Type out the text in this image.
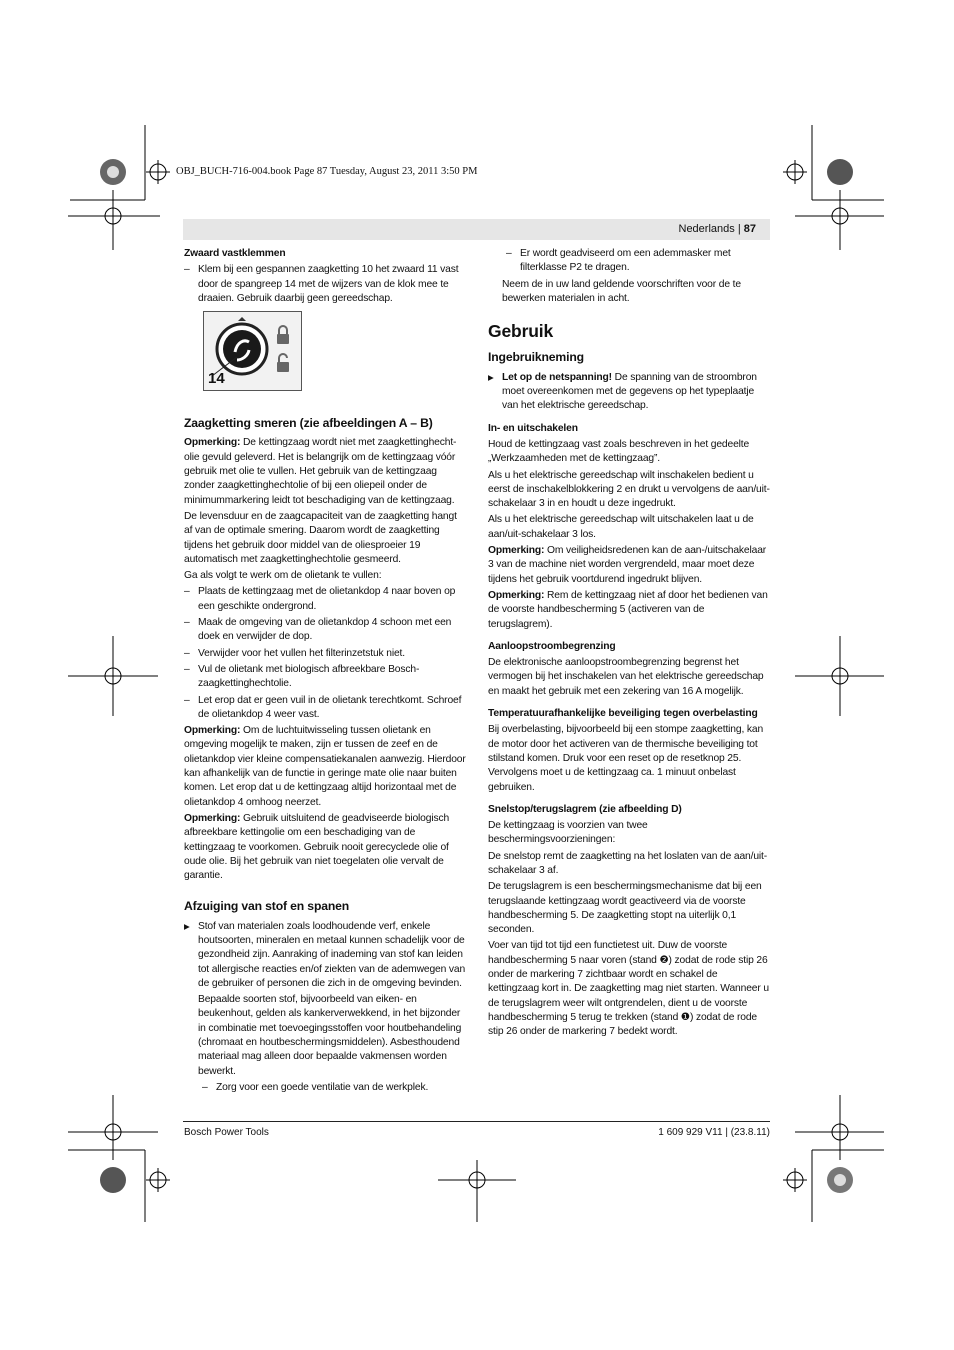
OBJ_BUCH-716-004.book Page 87 Tuesday, August 23, 2011 3:50 PM
Nederlands | 87
Zwaard vastklemmen

– Klem bij een gespannen zaagketting 10 het zwaard 11 vast door de spangreep 14 met de wijzers van de klok mee te draaien. Gebruik daarbij geen gereedschap.

Zaagketting smeren (zie afbeeldingen A – B)

Opmerking: De kettingzaag wordt niet met zaagkettinghecht-olie gevuld geleverd. Het is belangrijk om de kettingzaag vóór gebruik met olie te vullen. Het gebruik van de kettingzaag zonder zaagkettinghechtolie of bij een oliepeil onder de minimummarkering leidt tot beschadiging van de kettingzaag.

De levensduur en de zaagcapaciteit van de zaagketting hangt af van de optimale smering. Daarom wordt de zaagketting tijdens het gebruik door middel van de oliesproeier 19 automatisch met zaagkettinghechtolie gesmeerd.

Ga als volgt te werk om de olietank te vullen:

– Plaats de kettingzaag met de olietankdop 4 naar boven op een geschikte ondergrond.

– Maak de omgeving van de olietankdop 4 schoon met een doek en verwijder de dop.

– Verwijder voor het vullen het filterinzetstuk niet.

– Vul de olietank met biologisch afbreekbare Bosch-zaagkettinghechtolie.

– Let erop dat er geen vuil in de olietank terechtkomt. Schroef de olietankdop 4 weer vast.

Opmerking: Om de luchtuitwisseling tussen olietank en omgeving mogelijk te maken, zijn er tussen de zeef en de olietankdop vier kleine compensatiekanalen aanwezig. Hierdoor kan afhankelijk van de functie in geringe mate olie naar buiten komen. Let erop dat u de kettingzaag altijd horizontaal met de olietankdop 4 omhoog neerzet.

Opmerking: Gebruik uitsluitend de geadviseerde biologisch afbreekbare kettingolie om een beschadiging van de kettingzaag te voorkomen. Gebruik nooit gerecyclede olie of oude olie. Bij het gebruik van niet toegelaten olie vervalt de garantie.

Afzuiging van stof en spanen

▶ Stof van materialen zoals loodhoudende verf, enkele houtsoorten, mineralen en metaal kunnen schadelijk voor de gezondheid zijn. Aanraking of inademing van stof kan leiden tot allergische reacties en/of ziekten van de ademwegen van de gebruiker of personen die zich in de omgeving bevinden.

Bepaalde soorten stof, bijvoorbeeld van eiken- en beukenhout, gelden als kankerverwekkend, in het bijzonder in combinatie met toevoegingsstoffen voor houtbehandeling (chromaat en houtbeschermingsmiddelen). Asbesthoudend materiaal mag alleen door bepaalde vakmensen worden bewerkt.

– Zorg voor een goede ventilatie van de werkplek.

14

– Er wordt geadviseerd om een ademmasker met filterklasse P2 te dragen.

Neem de in uw land geldende voorschriften voor de te bewerken materialen in acht.

Gebruik
Ingebruikneming

▶ Let op de netspanning! De spanning van de stroombron moet overeenkomen met de gegevens op het typeplaatje van het elektrische gereedschap.

In- en uitschakelen

Houd de kettingzaag vast zoals beschreven in het gedeelte „Werkzaamheden met de kettingzaag”.

Als u het elektrische gereedschap wilt inschakelen bedient u eerst de inschakelblokkering 2 en drukt u vervolgens de aan/uit-schakelaar 3 in en houdt u deze ingedrukt.

Als u het elektrische gereedschap wilt uitschakelen laat u de aan/uit-schakelaar 3 los.

Opmerking: Om veiligheidsredenen kan de aan-/uitschakelaar 3 van de machine niet worden vergrendeld, maar moet deze tijdens het gebruik voortdurend ingedrukt blijven.

Opmerking: Rem de kettingzaag niet af door het bedienen van de voorste handbescherming 5 (activeren van de terugslagrem).

Aanloopstroombegrenzing

De elektronische aanloopstroombegrenzing begrenst het vermogen bij het inschakelen van het elektrische gereedschap en maakt het gebruik met een zekering van 16 A mogelijk.

Temperatuurafhankelijke beveiliging tegen overbelasting

Bij overbelasting, bijvoorbeeld bij een stompe zaagketting, kan de motor door het activeren van de thermische beveiliging tot stilstand komen. Druk voor een reset op de resetknop 25. Vervolgens moet u de kettingzaag ca. 1 minuut onbelast gebruiken.

Snelstop/terugslagrem (zie afbeelding D)

De kettingzaag is voorzien van twee beschermingsvoorzieningen:

De snelstop remt de zaagketting na het loslaten van de aan/uit-schakelaar 3 af.

De terugslagrem is een beschermingsmechanisme dat bij een terugslaande kettingzaag wordt geactiveerd via de voorste handbescherming 5. De zaagketting stopt na uiterlijk 0,1 seconden.

Voer van tijd tot tijd een functietest uit. Duw de voorste handbescherming 5 naar voren (stand ❷) zodat de rode stip 26 onder de markering 7 zichtbaar wordt en schakel de kettingzaag kort in. De zaagketting mag niet starten. Wanneer u de terugslagrem weer wilt ontgrendelen, dient u de voorste handbescherming 5 terug te trekken (stand ❶) zodat de rode stip 26 onder de markering 7 bedekt wordt.

Bosch Power Tools	1 609 929 V11 | (23.8.11)
